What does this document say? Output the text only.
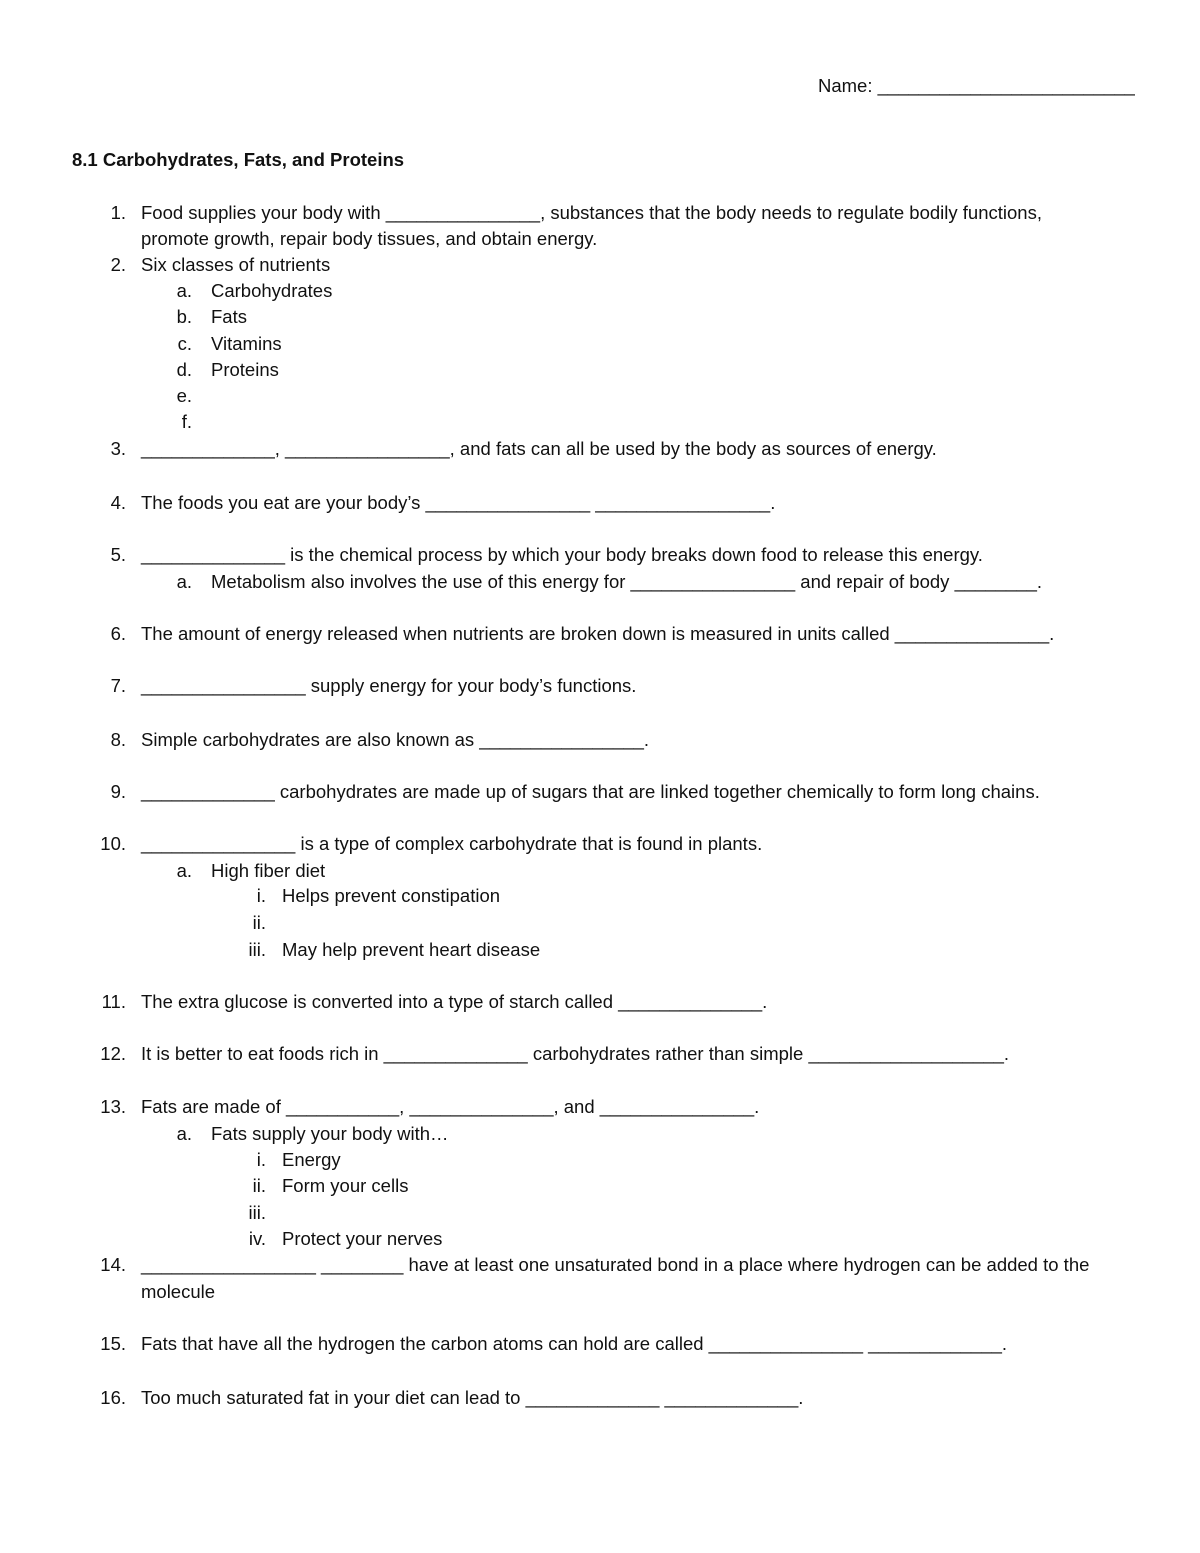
Name: _________________________
8.1 Carbohydrates, Fats, and Proteins
1. Food supplies your body with _______________, substances that the body needs to regulate bodily functions,
promote growth, repair body tissues, and obtain energy.
2. Six classes of nutrients
a. Carbohydrates
b. Fats
c. Vitamins
d. Proteins
e.
f.
3. _____________, ________________, and fats can all be used by the body as sources of energy.
4. The foods you eat are your body’s ________________ _________________.
5. ______________ is the chemical process by which your body breaks down food to release this energy.
a. Metabolism also involves the use of this energy for ________________ and repair of body ________.
6. The amount of energy released when nutrients are broken down is measured in units called _______________.
7. ________________ supply energy for your body’s functions.
8. Simple carbohydrates are also known as ________________.
9. _____________ carbohydrates are made up of sugars that are linked together chemically to form long chains.
10. _______________ is a type of complex carbohydrate that is found in plants.
a. High fiber diet
i. Helps prevent constipation
ii.
iii. May help prevent heart disease
11. The extra glucose is converted into a type of starch called ______________.
12. It is better to eat foods rich in ______________ carbohydrates rather than simple ___________________.
13. Fats are made of ___________, ______________, and _______________.
a. Fats supply your body with…
i. Energy
ii. Form your cells
iii.
iv. Protect your nerves
14. _________________ ________ have at least one unsaturated bond in a place where hydrogen can be added to the
molecule
15. Fats that have all the hydrogen the carbon atoms can hold are called _______________ _____________.
16. Too much saturated fat in your diet can lead to _____________ _____________.
